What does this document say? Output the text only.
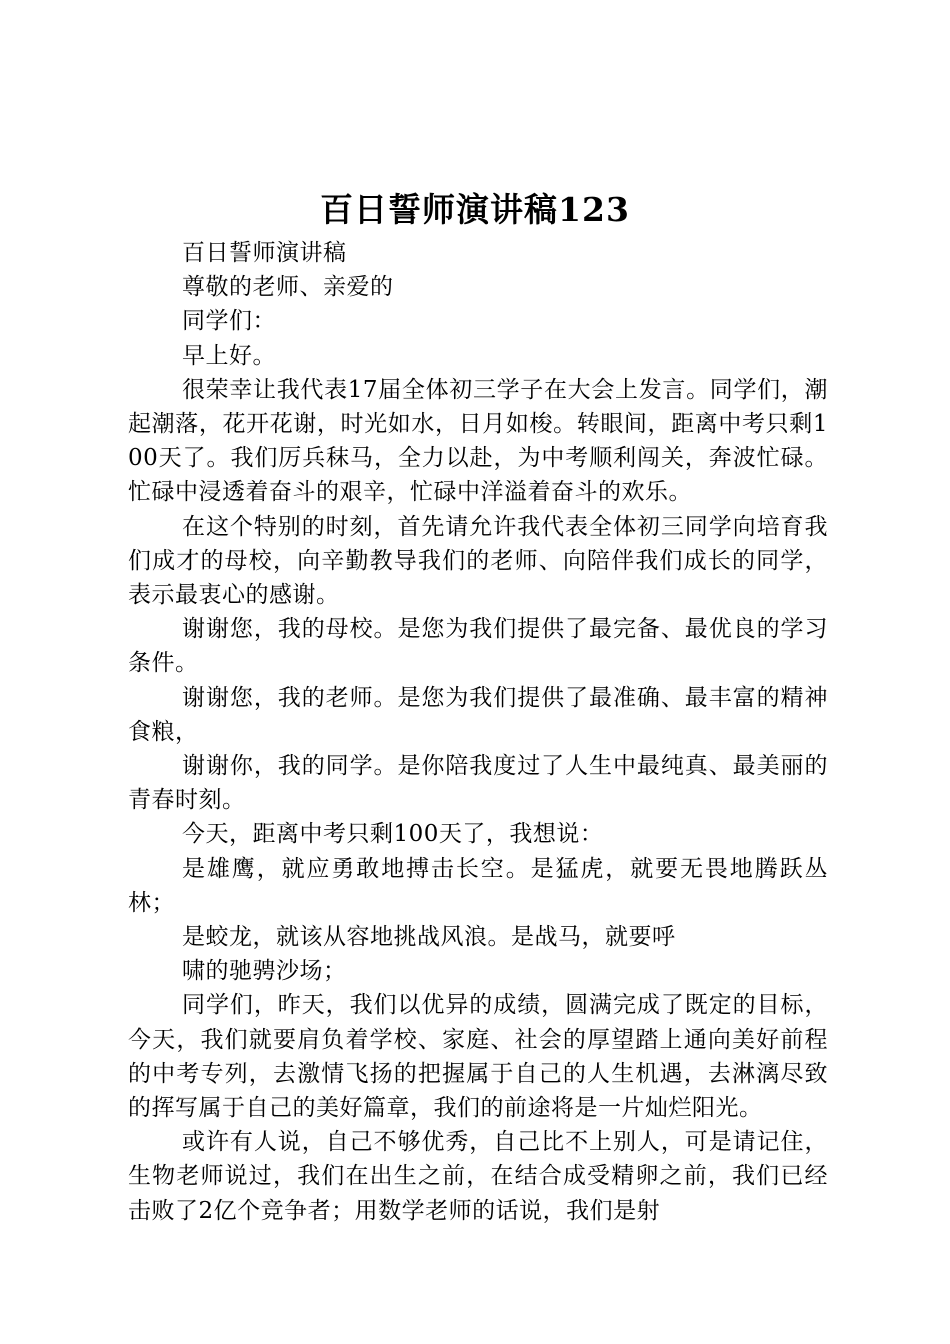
百日誓师演讲稿123

百日誓师演讲稿

尊敬的老师、亲爱的

同学们：

早上好。

很荣幸让我代表17届全体初三学子在大会上发言。同学们，潮起潮落，花开花谢，时光如水，日月如梭。转眼间，距离中考只剩100天了。我们厉兵秣马，全力以赴，为中考顺利闯关，奔波忙碌。忙碌中浸透着奋斗的艰辛，忙碌中洋溢着奋斗的欢乐。

在这个特别的时刻，首先请允许我代表全体初三同学向培育我们成才的母校，向辛勤教导我们的老师、向陪伴我们成长的同学，表示最衷心的感谢。

谢谢您，我的母校。是您为我们提供了最完备、最优良的学习条件。

谢谢您，我的老师。是您为我们提供了最准确、最丰富的精神食粮，

谢谢你，我的同学。是你陪我度过了人生中最纯真、最美丽的青春时刻。

今天，距离中考只剩100天了，我想说：

是雄鹰，就应勇敢地搏击长空。是猛虎，就要无畏地腾跃丛林；

是蛟龙，就该从容地挑战风浪。是战马，就要呼

啸的驰骋沙场；

同学们，昨天，我们以优异的成绩，圆满完成了既定的目标，今天，我们就要肩负着学校、家庭、社会的厚望踏上通向美好前程的中考专列，去激情飞扬的把握属于自己的人生机遇，去淋漓尽致的挥写属于自己的美好篇章，我们的前途将是一片灿烂阳光。

或许有人说，自己不够优秀，自己比不上别人，可是请记住，生物老师说过，我们在出生之前，在结合成受精卵之前，我们已经击败了2亿个竞争者；用数学老师的话说，我们是射
